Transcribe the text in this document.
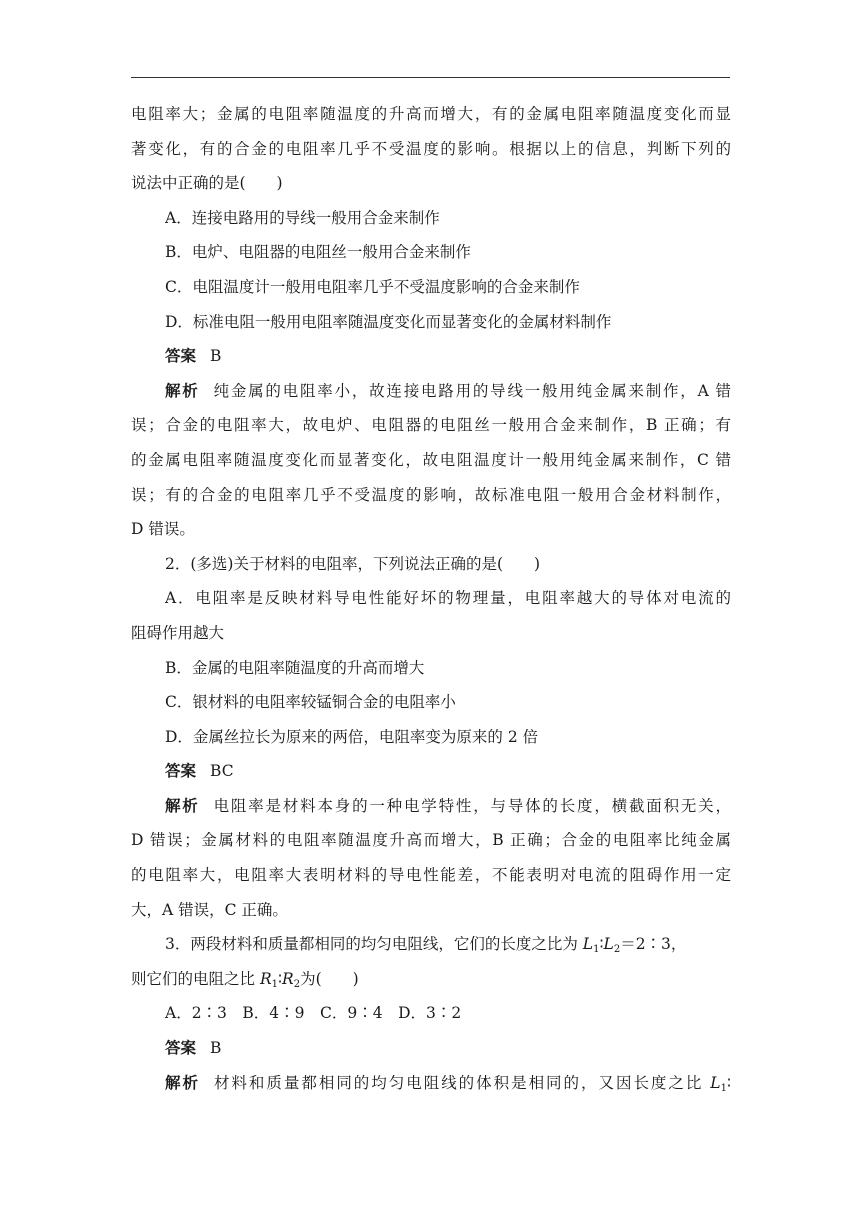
电阻率大；金属的电阻率随温度的升高而增大，有的金属电阻率随温度变化而显
著变化，有的合金的电阻率几乎不受温度的影响。根据以上的信息，判断下列的
说法中正确的是(　　)
A．连接电路用的导线一般用合金来制作
B．电炉、电阻器的电阻丝一般用合金来制作
C．电阻温度计一般用电阻率几乎不受温度影响的合金来制作
D．标准电阻一般用电阻率随温度变化而显著变化的金属材料制作
答案 B
解析 纯金属的电阻率小，故连接电路用的导线一般用纯金属来制作，A 错
误；合金的电阻率大，故电炉、电阻器的电阻丝一般用合金来制作，B 正确；有
的金属电阻率随温度变化而显著变化，故电阻温度计一般用纯金属来制作，C 错
误；有的合金的电阻率几乎不受温度的影响，故标准电阻一般用合金材料制作，
D 错误。
2．(多选)关于材料的电阻率，下列说法正确的是(　　)
A．电阻率是反映材料导电性能好坏的物理量，电阻率越大的导体对电流的
阻碍作用越大
B．金属的电阻率随温度的升高而增大
C．银材料的电阻率较锰铜合金的电阻率小
D．金属丝拉长为原来的两倍，电阻率变为原来的 2 倍
答案 BC
解析 电阻率是材料本身的一种电学特性，与导体的长度，横截面积无关，
D 错误；金属材料的电阻率随温度升高而增大，B 正确；合金的电阻率比纯金属
的电阻率大，电阻率大表明材料的导电性能差，不能表明对电流的阻碍作用一定
大，A 错误，C 正确。
3．两段材料和质量都相同的均匀电阻线，它们的长度之比为 $L_1∶L_2=2∶3$，
则它们的电阻之比 $R_1∶R_2$为(　　)
A．2∶3　B．4∶9　C．9∶4　D．3∶2
答案 B
解析 材料和质量都相同的均匀电阻线的体积是相同的，又因长度之比 $L_1∶$
